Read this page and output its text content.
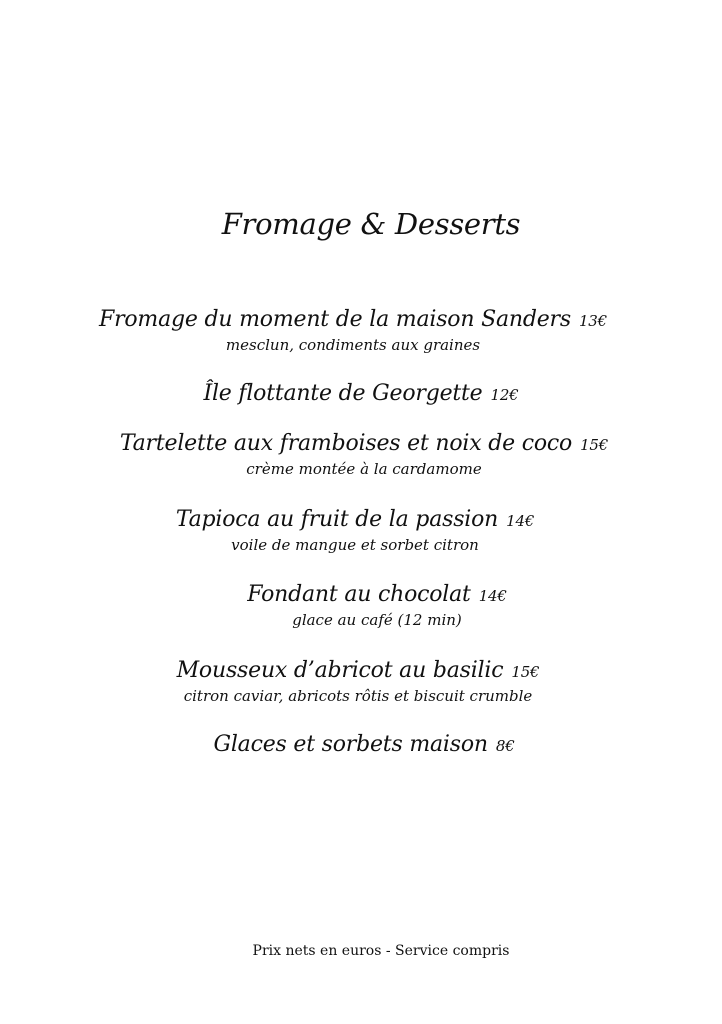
Fromage & Desserts
Fromage du moment de la maison Sanders 13€
mesclun, condiments aux graines
Île flottante de Georgette 12€
Tartelette aux framboises et noix de coco 15€
crème montée à la cardamome
Tapioca au fruit de la passion 14€
voile de mangue et sorbet citron
Fondant au chocolat 14€
glace au café (12 min)
Mousseux d’abricot au basilic 15€
citron caviar, abricots rôtis et biscuit crumble
Glaces et sorbets maison 8€
Prix nets en euros - Service compris
